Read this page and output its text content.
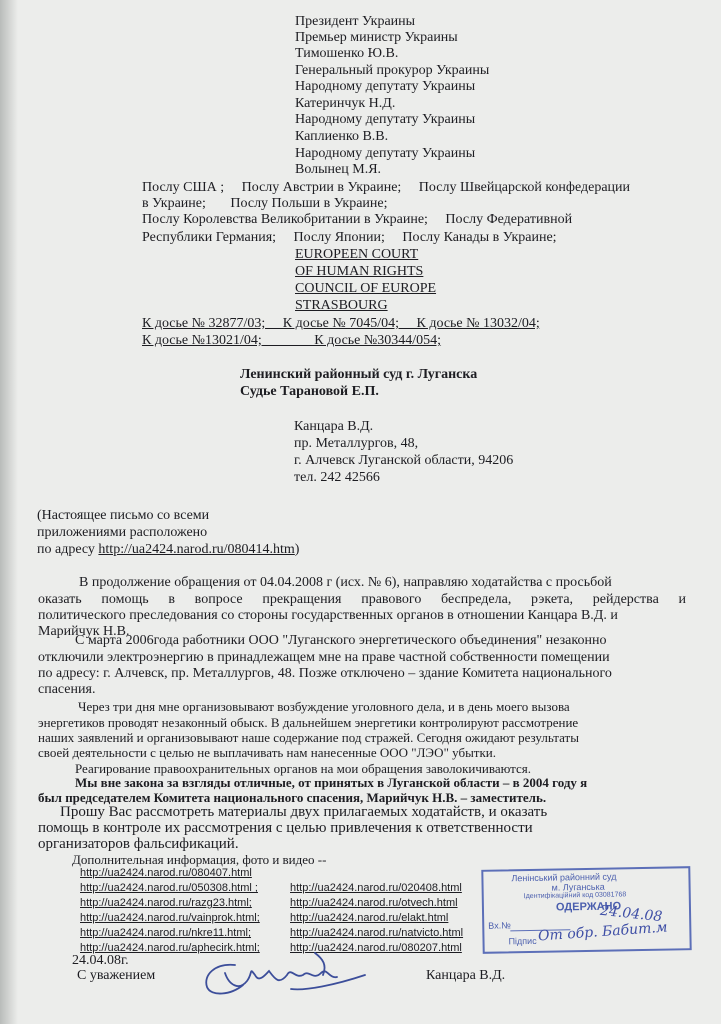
Президент Украины
Премьер министр Украины
Тимошенко Ю.В.
Генеральный прокурор Украины
Народному депутату Украины
Катеринчук Н.Д.
Народному депутату Украины
Каплиенко В.В.
Народному депутату Украины
Волынец М.Я.
Послу США ;     Послу Австрии в Украине;     Послу Швейцарской конфедерации
в Украине;       Послу Польши в Украине;
Послу Королевства Великобритании в Украине;     Послу Федеративной
Республики Германия;     Послу Японии;     Послу Канады в Украине;
EUROPEEN COURT
OF HUMAN RIGHTS
COUNCIL OF EUROPE
STRASBOURG
К досье № 32877/03;     К досье № 7045/04;     К досье № 13032/04;
К досье №13021/04;               К досье №30344/054;
Ленинский районный суд г. Луганска
Судье Тарановой Е.П.
Канцара В.Д.
пр. Металлургов, 48,
г. Алчевск Луганской области, 94206
тел. 242 42566
(Настоящее письмо со всеми
приложениями расположено
по адресу http://ua2424.narod.ru/080414.htm)
В продолжение обращения от 04.04.2008 г (исх. № 6), направляю ходатайства с просьбой
оказать помощь в вопросе прекращения правового беспредела, рэкета, рейдерства и
политического преследования со стороны государственных органов в отношении Канцара В.Д. и
Марийчук Н.В.
С марта 2006года работники ООО "Луганского энергетического объединения" незаконно
отключили электроэнергию в принадлежащем мне на праве частной собственности помещении
по адресу: г. Алчевск, пр. Металлургов, 48. Позже отключено – здание Комитета национального
спасения.
Через три дня мне организовывают возбуждение уголовного дела, и в день моего вызова
энергетиков проводят незаконный обыск. В дальнейшем энергетики контролируют рассмотрение
наших заявлений и организовывают наше содержание под стражей. Сегодня ожидают результаты
своей деятельности с целью не выплачивать нам нанесенные ООО "ЛЭО" убытки.
Реагирование правоохранительных органов на мои обращения заволокичиваются.
Мы вне закона за взгляды отличные, от принятых в Луганской области – в 2004 году я
был председателем Комитета национального спасения, Марийчук Н.В. – заместитель.
Прошу Вас рассмотреть материалы двух прилагаемых ходатайств, и оказать
помощь в контроле их рассмотрения с целью привлечения к ответственности
организаторов фальсификаций.
Дополнительная информация, фото и видео --
http://ua2424.narod.ru/080407.html
http://ua2424.narod.ru/050308.html ;
http://ua2424.narod.ru/razg23.html;
http://ua2424.narod.ru/vainprok.html;
http://ua2424.narod.ru/nkre11.html;
http://ua2424.narod.ru/aphecirk.html;
http://ua2424.narod.ru/020408.html
http://ua2424.narod.ru/otvech.html
http://ua2424.narod.ru/elakt.html
http://ua2424.narod.ru/natvicto.html
http://ua2424.narod.ru/080207.html
24.04.08г.
С уважением	Канцара В.Д.
Ленінський районний суд
м. Луганська
Ідентифікаційний код 03081768
ОДЕРЖАНО
Вх.№
Підпис
24.04.08
От обр. Бабит.м
